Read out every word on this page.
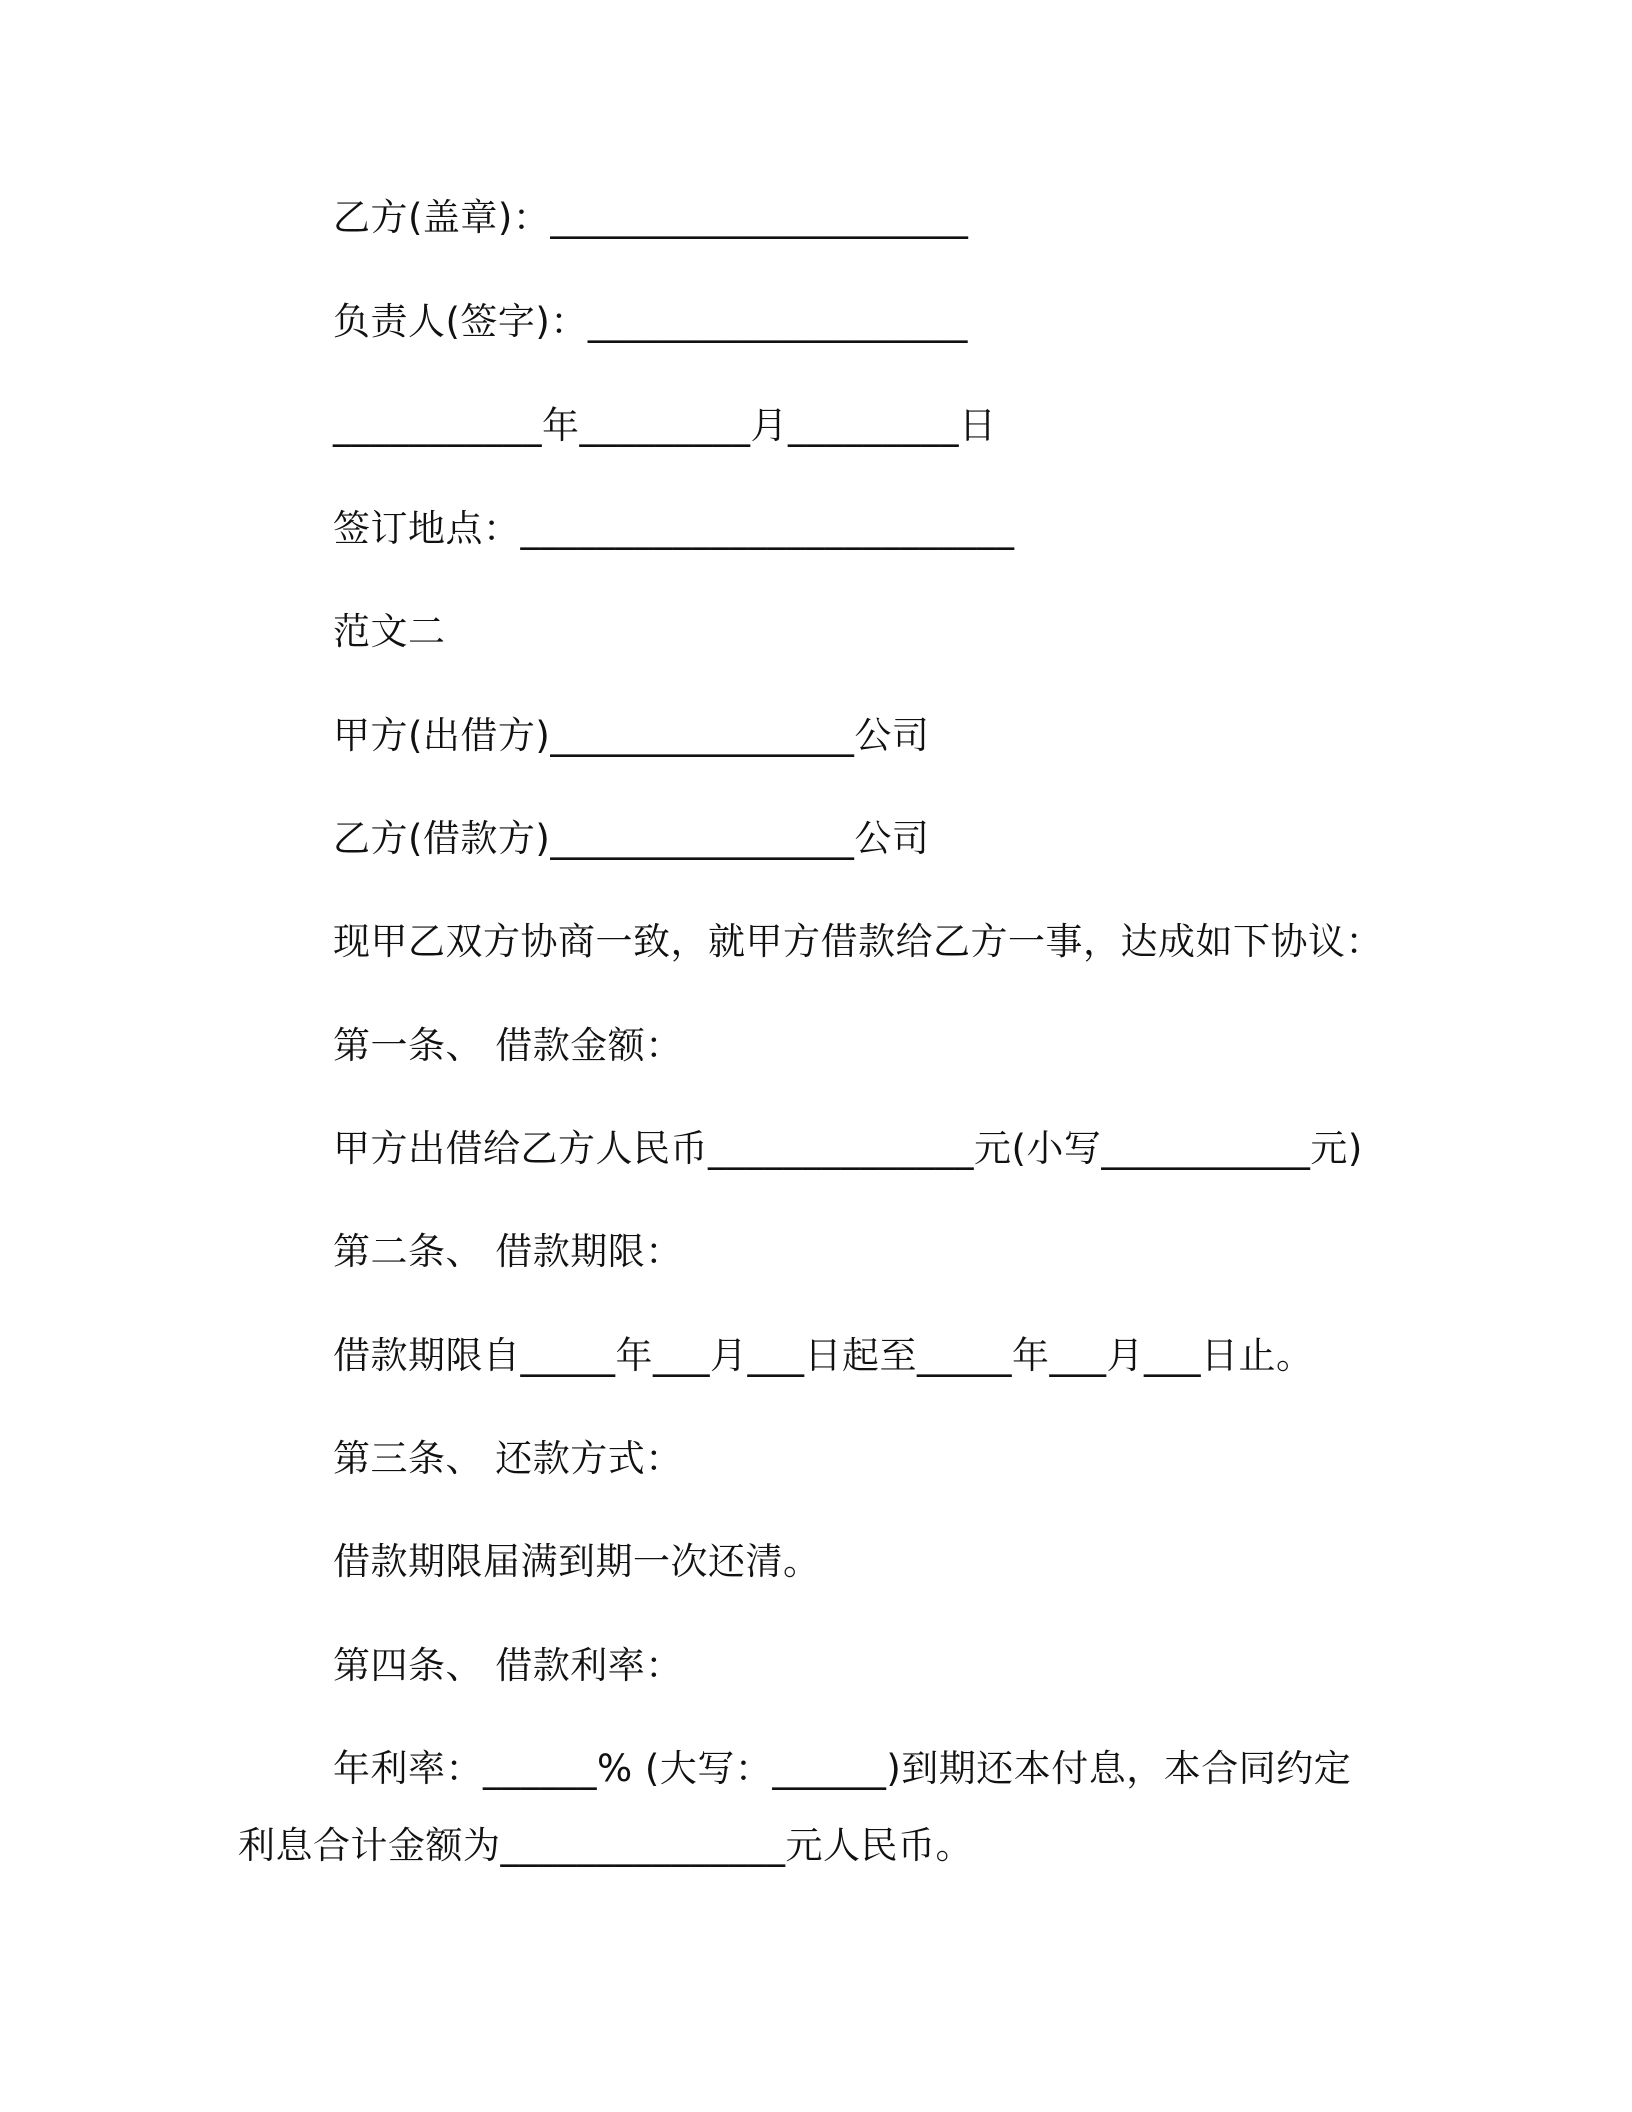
乙方(盖章)：______________________
负责人(签字)：____________________
___________年_________月_________日
签订地点：__________________________
范文二
甲方(出借方)________________公司
乙方(借款方)________________公司
现甲乙双方协商一致，就甲方借款给乙方一事，达成如下协议：
第一条、 借款金额：
甲方出借给乙方人民币______________元(小写___________元)
第二条、 借款期限：
借款期限自_____年___月___日起至_____年___月___日止。
第三条、 还款方式：
借款期限届满到期一次还清。
第四条、 借款利率：
年利率：______% (大写：______)到期还本付息，本合同约定
利息合计金额为_______________元人民币。
